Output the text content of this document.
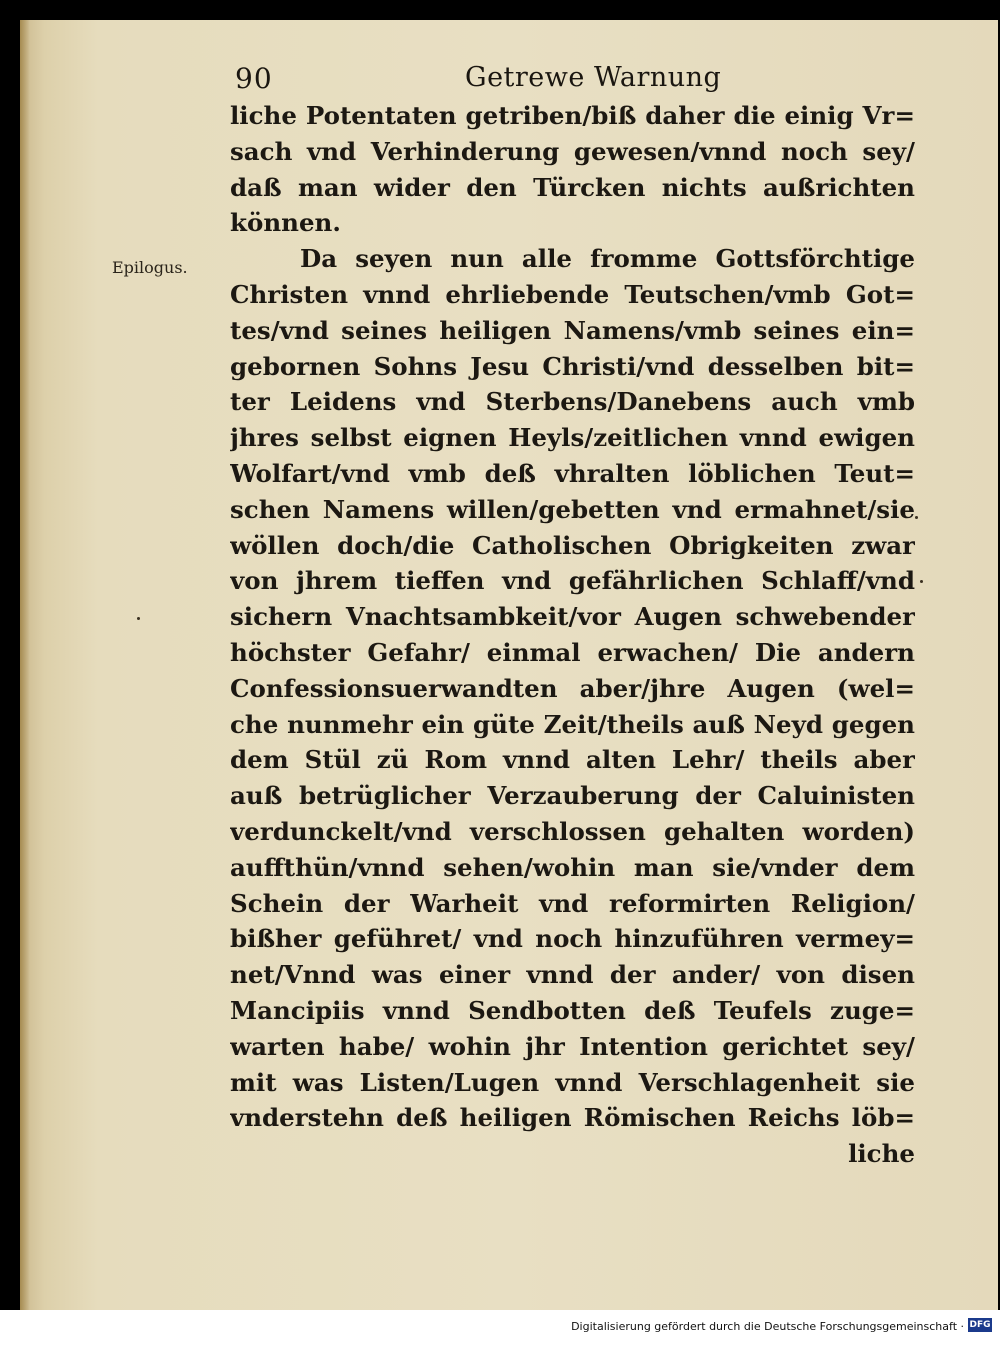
90	Getrewe Warnung
Epilogus.
liche Potentaten getriben/biß daher die einig Vr=
sach vnd Verhinderung gewesen/vnnd noch sey/
daß man wider den Türcken nichts außrichten
können.
Da seyen nun alle fromme Gottsförchtige
Christen vnnd ehrliebende Teutschen/vmb Got=
tes/vnd seines heiligen Namens/vmb seines ein=
gebornen Sohns Jesu Christi/vnd desselben bit=
ter Leidens vnd Sterbens/Danebens auch vmb
jhres selbst eignen Heyls/zeitlichen vnnd ewigen
Wolfart/vnd vmb deß vhralten löblichen Teut=
schen Namens willen/gebetten vnd ermahnet/sie
wöllen doch/die Catholischen Obrigkeiten zwar
von jhrem tieffen vnd gefährlichen Schlaff/vnd
sichern Vnachtsambkeit/vor Augen schwebender
höchster Gefahr/ einmal erwachen/ Die andern
Confessionsuerwandten aber/jhre Augen (wel=
che nunmehr ein güte Zeit/theils auß Neyd gegen
dem Stül zü Rom vnnd alten Lehr/ theils aber
auß betrüglicher Verzauberung der Caluinisten
verdunckelt/vnd verschlossen gehalten worden)
auffthün/vnnd sehen/wohin man sie/vnder dem
Schein der Warheit vnd reformirten Religion/
bißher geführet/ vnd noch hinzuführen vermey=
net/Vnnd was einer vnnd der ander/ von disen
Mancipiis vnnd Sendbotten deß Teufels zuge=
warten habe/ wohin jhr Intention gerichtet sey/
mit was Listen/Lugen vnnd Verschlagenheit sie
vnderstehn deß heiligen Römischen Reichs löb=
liche
Digitalisierung gefördert durch die Deutsche Forschungsgemeinschaft · DFG
